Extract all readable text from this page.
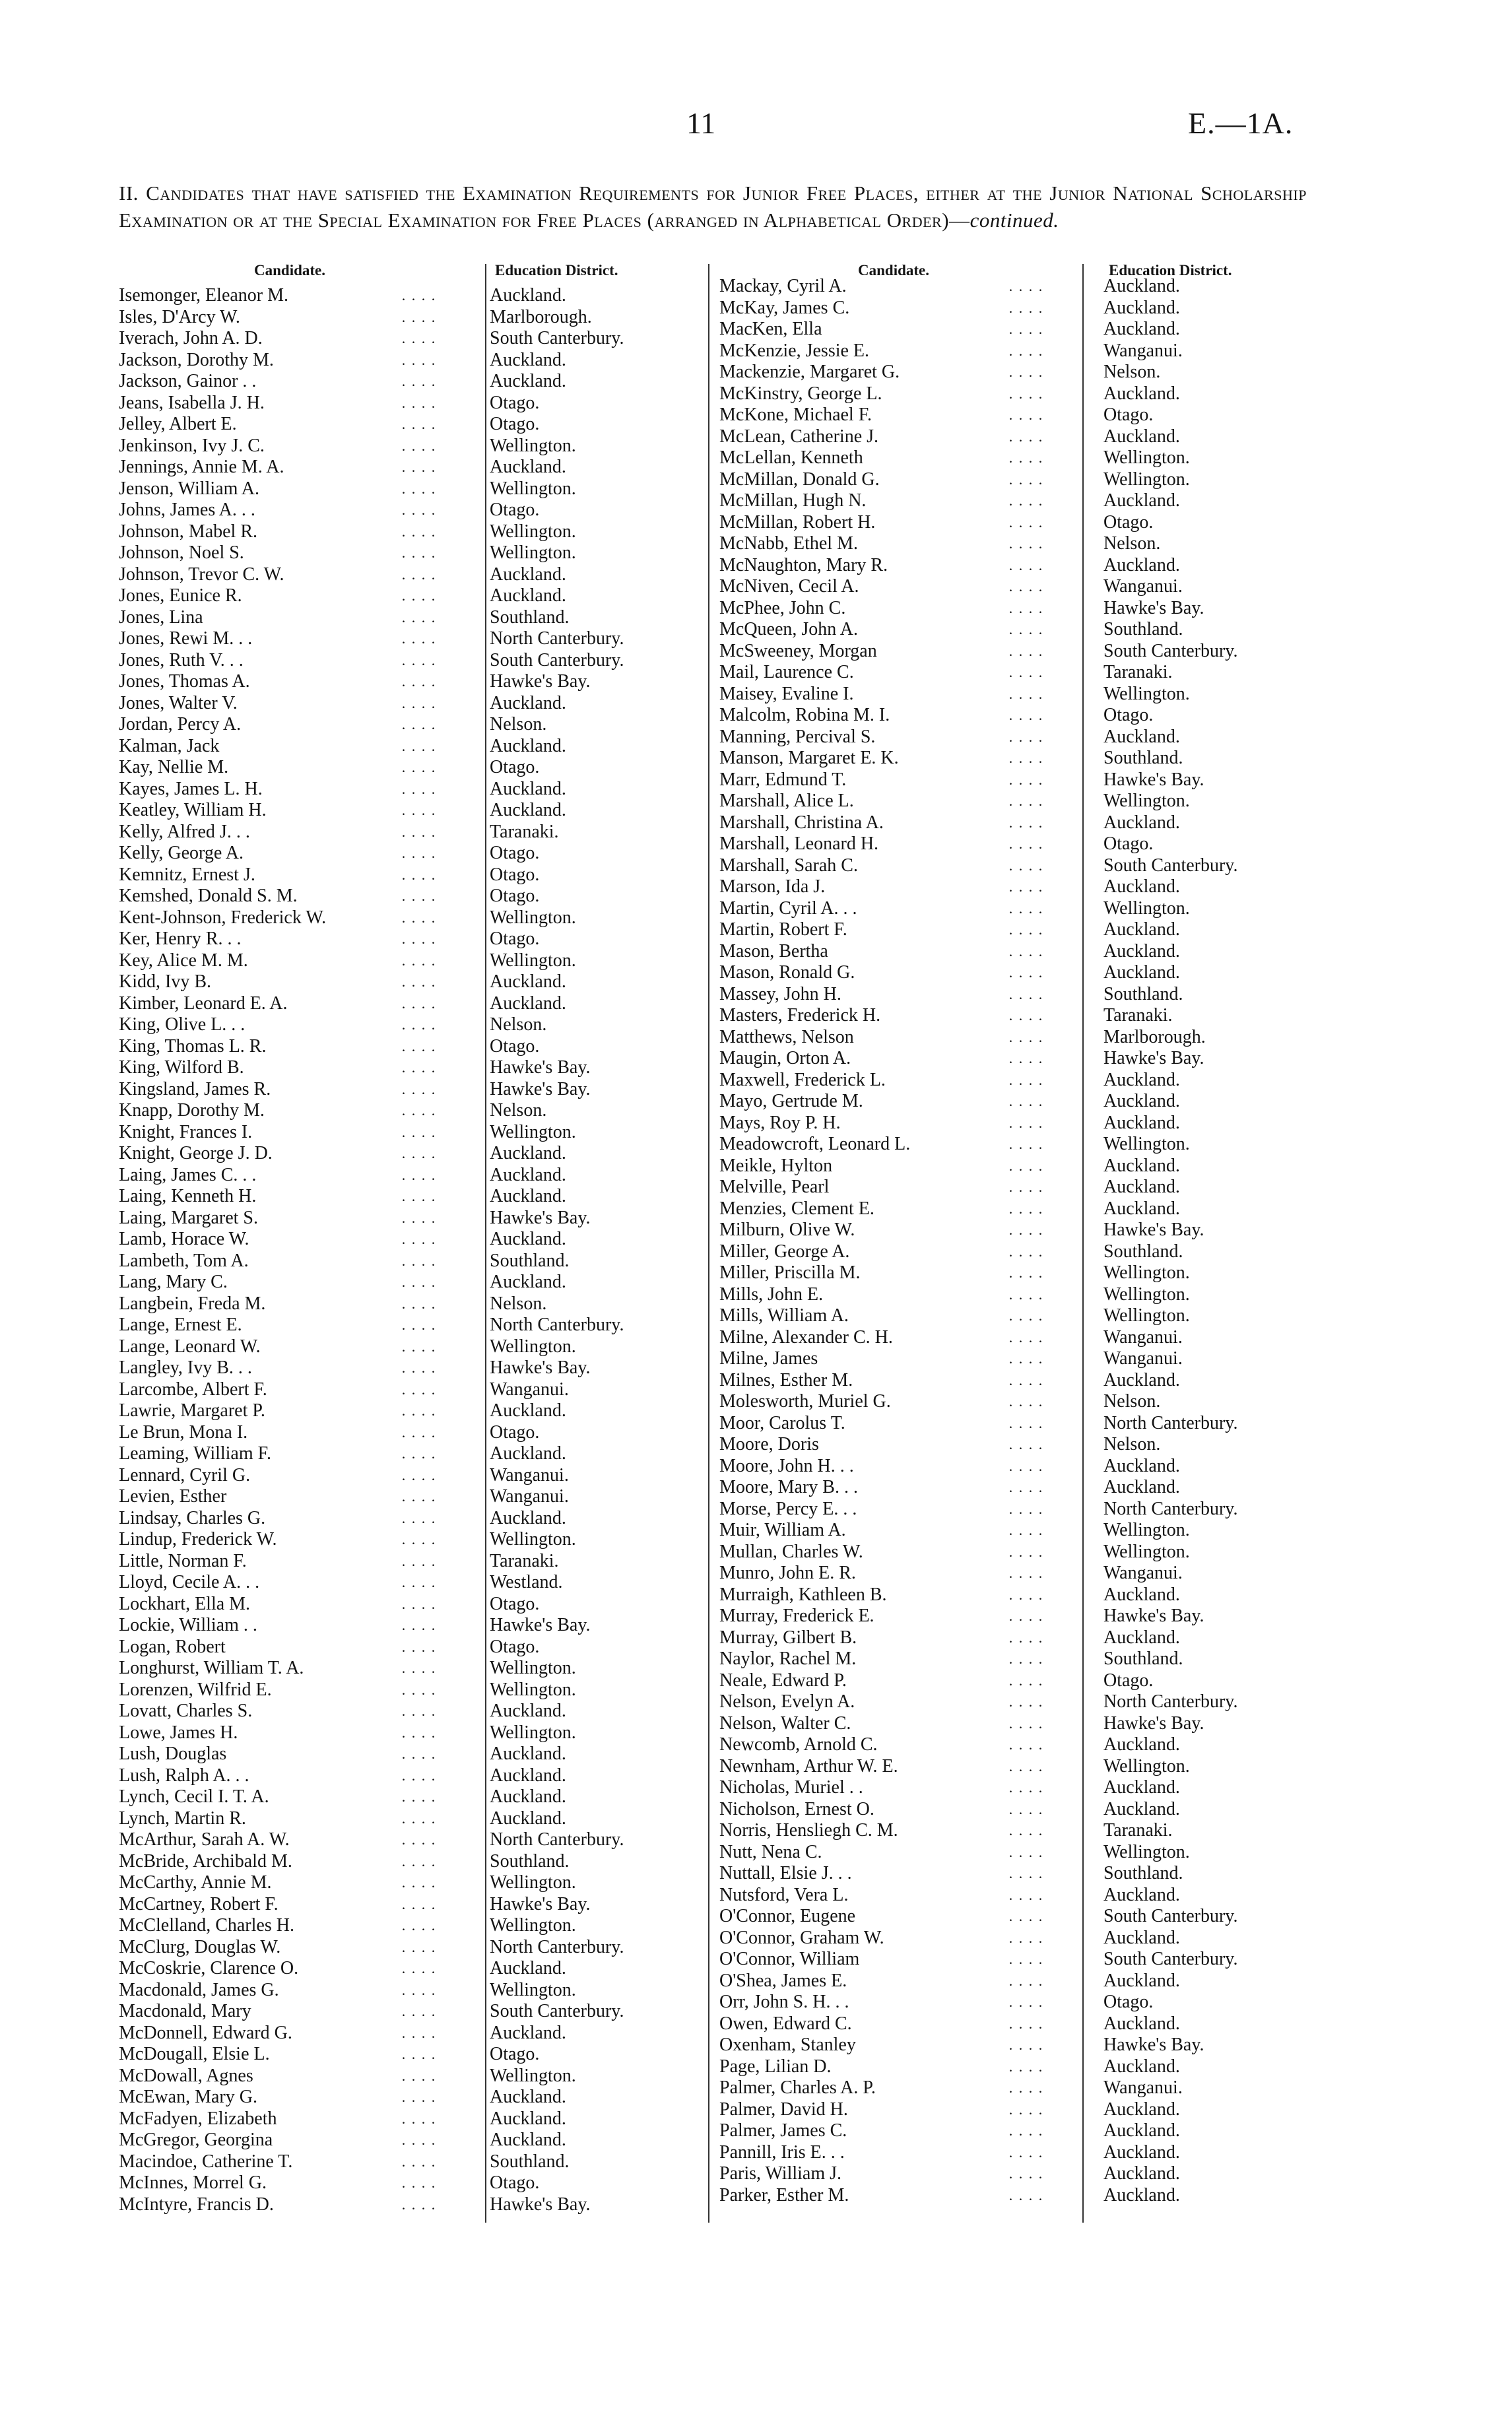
11	E.—1A.
II. Candidates that have satisfied the Examination Requirements for Junior Free Places, either at the Junior National Scholarship Examination or at the Special Examination for Free Places (arranged in Alphabetical Order)—continued.
Candidate.	Education District.	Candidate.	Education District.
Isemonger, Eleanor M.	. . . .	Auckland.
Isles, D'Arcy W.	. . . .	Marlborough.
Iverach, John A. D.	. . . .	South Canterbury.
Jackson, Dorothy M.	. . . .	Auckland.
Jackson, Gainor . .	. . . .	Auckland.
Jeans, Isabella J. H.	. . . .	Otago.
Jelley, Albert E.	. . . .	Otago.
Jenkinson, Ivy J. C.	. . . .	Wellington.
Jennings, Annie M. A.	. . . .	Auckland.
Jenson, William A.	. . . .	Wellington.
Johns, James A. . .	. . . .	Otago.
Johnson, Mabel R.	. . . .	Wellington.
Johnson, Noel S.	. . . .	Wellington.
Johnson, Trevor C. W.	. . . .	Auckland.
Jones, Eunice R.	. . . .	Auckland.
Jones, Lina	. . . .	Southland.
Jones, Rewi M. . .	. . . .	North Canterbury.
Jones, Ruth V. . .	. . . .	South Canterbury.
Jones, Thomas A.	. . . .	Hawke's Bay.
Jones, Walter V.	. . . .	Auckland.
Jordan, Percy A.	. . . .	Nelson.
Kalman, Jack	. . . .	Auckland.
Kay, Nellie M.	. . . .	Otago.
Kayes, James L. H.	. . . .	Auckland.
Keatley, William H.	. . . .	Auckland.
Kelly, Alfred J. . .	. . . .	Taranaki.
Kelly, George A.	. . . .	Otago.
Kemnitz, Ernest J.	. . . .	Otago.
Kemshed, Donald S. M.	. . . .	Otago.
Kent-Johnson, Frederick W.	. . . .	Wellington.
Ker, Henry R. . .	. . . .	Otago.
Key, Alice M. M.	. . . .	Wellington.
Kidd, Ivy B.	. . . .	Auckland.
Kimber, Leonard E. A.	. . . .	Auckland.
King, Olive L. . .	. . . .	Nelson.
King, Thomas L. R.	. . . .	Otago.
King, Wilford B.	. . . .	Hawke's Bay.
Kingsland, James R.	. . . .	Hawke's Bay.
Knapp, Dorothy M.	. . . .	Nelson.
Knight, Frances I.	. . . .	Wellington.
Knight, George J. D.	. . . .	Auckland.
Laing, James C. . .	. . . .	Auckland.
Laing, Kenneth H.	. . . .	Auckland.
Laing, Margaret S.	. . . .	Hawke's Bay.
Lamb, Horace W.	. . . .	Auckland.
Lambeth, Tom A.	. . . .	Southland.
Lang, Mary C.	. . . .	Auckland.
Langbein, Freda M.	. . . .	Nelson.
Lange, Ernest E.	. . . .	North Canterbury.
Lange, Leonard W.	. . . .	Wellington.
Langley, Ivy B. . .	. . . .	Hawke's Bay.
Larcombe, Albert F.	. . . .	Wanganui.
Lawrie, Margaret P.	. . . .	Auckland.
Le Brun, Mona I.	. . . .	Otago.
Leaming, William F.	. . . .	Auckland.
Lennard, Cyril G.	. . . .	Wanganui.
Levien, Esther	. . . .	Wanganui.
Lindsay, Charles G.	. . . .	Auckland.
Lindup, Frederick W.	. . . .	Wellington.
Little, Norman F.	. . . .	Taranaki.
Lloyd, Cecile A. . .	. . . .	Westland.
Lockhart, Ella M.	. . . .	Otago.
Lockie, William . .	. . . .	Hawke's Bay.
Logan, Robert	. . . .	Otago.
Longhurst, William T. A.	. . . .	Wellington.
Lorenzen, Wilfrid E.	. . . .	Wellington.
Lovatt, Charles S.	. . . .	Auckland.
Lowe, James H.	. . . .	Wellington.
Lush, Douglas	. . . .	Auckland.
Lush, Ralph A. . .	. . . .	Auckland.
Lynch, Cecil I. T. A.	. . . .	Auckland.
Lynch, Martin R.	. . . .	Auckland.
McArthur, Sarah A. W.	. . . .	North Canterbury.
McBride, Archibald M.	. . . .	Southland.
McCarthy, Annie M.	. . . .	Wellington.
McCartney, Robert F.	. . . .	Hawke's Bay.
McClelland, Charles H.	. . . .	Wellington.
McClurg, Douglas W.	. . . .	North Canterbury.
McCoskrie, Clarence O.	. . . .	Auckland.
Macdonald, James G.	. . . .	Wellington.
Macdonald, Mary	. . . .	South Canterbury.
McDonnell, Edward G.	. . . .	Auckland.
McDougall, Elsie L.	. . . .	Otago.
McDowall, Agnes	. . . .	Wellington.
McEwan, Mary G.	. . . .	Auckland.
McFadyen, Elizabeth	. . . .	Auckland.
McGregor, Georgina	. . . .	Auckland.
Macindoe, Catherine T.	. . . .	Southland.
McInnes, Morrel G.	. . . .	Otago.
McIntyre, Francis D.	. . . .	Hawke's Bay.
Mackay, Cyril A.	. . . .	Auckland.
McKay, James C.	. . . .	Auckland.
MacKen, Ella	. . . .	Auckland.
McKenzie, Jessie E.	. . . .	Wanganui.
Mackenzie, Margaret G.	. . . .	Nelson.
McKinstry, George L.	. . . .	Auckland.
McKone, Michael F.	. . . .	Otago.
McLean, Catherine J.	. . . .	Auckland.
McLellan, Kenneth	. . . .	Wellington.
McMillan, Donald G.	. . . .	Wellington.
McMillan, Hugh N.	. . . .	Auckland.
McMillan, Robert H.	. . . .	Otago.
McNabb, Ethel M.	. . . .	Nelson.
McNaughton, Mary R.	. . . .	Auckland.
McNiven, Cecil A.	. . . .	Wanganui.
McPhee, John C.	. . . .	Hawke's Bay.
McQueen, John A.	. . . .	Southland.
McSweeney, Morgan	. . . .	South Canterbury.
Mail, Laurence C.	. . . .	Taranaki.
Maisey, Evaline I.	. . . .	Wellington.
Malcolm, Robina M. I.	. . . .	Otago.
Manning, Percival S.	. . . .	Auckland.
Manson, Margaret E. K.	. . . .	Southland.
Marr, Edmund T.	. . . .	Hawke's Bay.
Marshall, Alice L.	. . . .	Wellington.
Marshall, Christina A.	. . . .	Auckland.
Marshall, Leonard H.	. . . .	Otago.
Marshall, Sarah C.	. . . .	South Canterbury.
Marson, Ida J.	. . . .	Auckland.
Martin, Cyril A. . .	. . . .	Wellington.
Martin, Robert F.	. . . .	Auckland.
Mason, Bertha	. . . .	Auckland.
Mason, Ronald G.	. . . .	Auckland.
Massey, John H.	. . . .	Southland.
Masters, Frederick H.	. . . .	Taranaki.
Matthews, Nelson	. . . .	Marlborough.
Maugin, Orton A.	. . . .	Hawke's Bay.
Maxwell, Frederick L.	. . . .	Auckland.
Mayo, Gertrude M.	. . . .	Auckland.
Mays, Roy P. H.	. . . .	Auckland.
Meadowcroft, Leonard L.	. . . .	Wellington.
Meikle, Hylton	. . . .	Auckland.
Melville, Pearl	. . . .	Auckland.
Menzies, Clement E.	. . . .	Auckland.
Milburn, Olive W.	. . . .	Hawke's Bay.
Miller, George A.	. . . .	Southland.
Miller, Priscilla M.	. . . .	Wellington.
Mills, John E.	. . . .	Wellington.
Mills, William A.	. . . .	Wellington.
Milne, Alexander C. H.	. . . .	Wanganui.
Milne, James	. . . .	Wanganui.
Milnes, Esther M.	. . . .	Auckland.
Molesworth, Muriel G.	. . . .	Nelson.
Moor, Carolus T.	. . . .	North Canterbury.
Moore, Doris	. . . .	Nelson.
Moore, John H. . .	. . . .	Auckland.
Moore, Mary B. . .	. . . .	Auckland.
Morse, Percy E. . .	. . . .	North Canterbury.
Muir, William A.	. . . .	Wellington.
Mullan, Charles W.	. . . .	Wellington.
Munro, John E. R.	. . . .	Wanganui.
Murraigh, Kathleen B.	. . . .	Auckland.
Murray, Frederick E.	. . . .	Hawke's Bay.
Murray, Gilbert B.	. . . .	Auckland.
Naylor, Rachel M.	. . . .	Southland.
Neale, Edward P.	. . . .	Otago.
Nelson, Evelyn A.	. . . .	North Canterbury.
Nelson, Walter C.	. . . .	Hawke's Bay.
Newcomb, Arnold C.	. . . .	Auckland.
Newnham, Arthur W. E.	. . . .	Wellington.
Nicholas, Muriel . .	. . . .	Auckland.
Nicholson, Ernest O.	. . . .	Auckland.
Norris, Hensliegh C. M.	. . . .	Taranaki.
Nutt, Nena C.	. . . .	Wellington.
Nuttall, Elsie J. . .	. . . .	Southland.
Nutsford, Vera L.	. . . .	Auckland.
O'Connor, Eugene	. . . .	South Canterbury.
O'Connor, Graham W.	. . . .	Auckland.
O'Connor, William	. . . .	South Canterbury.
O'Shea, James E.	. . . .	Auckland.
Orr, John S. H. . .	. . . .	Otago.
Owen, Edward C.	. . . .	Auckland.
Oxenham, Stanley	. . . .	Hawke's Bay.
Page, Lilian D.	. . . .	Auckland.
Palmer, Charles A. P.	. . . .	Wanganui.
Palmer, David H.	. . . .	Auckland.
Palmer, James C.	. . . .	Auckland.
Pannill, Iris E. . .	. . . .	Auckland.
Paris, William J.	. . . .	Auckland.
Parker, Esther M.	. . . .	Auckland.
